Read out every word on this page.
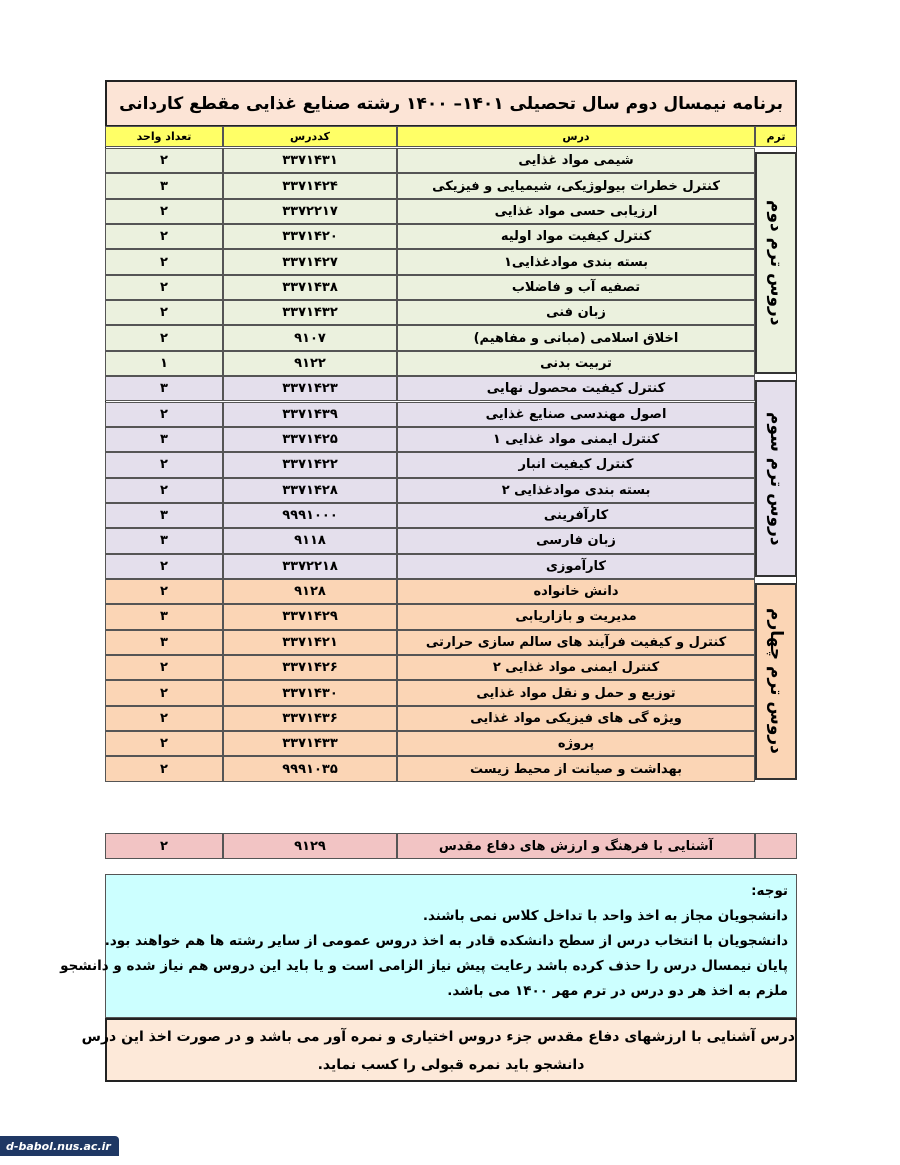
برنامه نیمسال دوم سال تحصیلی ۱۴۰۱– ۱۴۰۰ رشته صنایع غذایی مقطع کاردانی
تعداد واحد	کددرس	درس	ترم
۲	۳۳۷۱۴۳۱	شیمی مواد غذایی
۳	۳۳۷۱۴۲۴	کنترل خطرات بیولوژیکی، شیمیایی و فیزیکی
۲	۳۳۷۲۲۱۷	ارزیابی حسی مواد غذایی
۲	۳۳۷۱۴۲۰	کنترل کیفیت مواد اولیه
۲	۳۳۷۱۴۲۷	بسته بندی موادغذایی۱
۲	۳۳۷۱۴۳۸	تصفیه آب و فاضلاب
۲	۳۳۷۱۴۳۲	زبان فنی
۲	۹۱۰۷	اخلاق اسلامی (مبانی و مفاهیم)
۱	۹۱۲۲	تربیت بدنی
دروس ترم دوم
۳	۳۳۷۱۴۲۳	کنترل کیفیت محصول نهایی
۲	۳۳۷۱۴۳۹	اصول مهندسی صنایع غذایی
۳	۳۳۷۱۴۲۵	کنترل ایمنی مواد غذایی ۱
۲	۳۳۷۱۴۲۲	کنترل کیفیت انبار
۲	۳۳۷۱۴۲۸	بسته بندی موادغذایی ۲
۳	۹۹۹۱۰۰۰	کارآفرینی
۳	۹۱۱۸	زبان فارسی
۲	۳۳۷۲۲۱۸	کارآموزی
دروس ترم سوم
۲	۹۱۲۸	دانش خانواده
۳	۳۳۷۱۴۲۹	مدیریت و بازاریابی
۳	۳۳۷۱۴۲۱	کنترل و کیفیت فرآیند های سالم سازی حرارتی
۲	۳۳۷۱۴۲۶	کنترل ایمنی مواد غذایی ۲
۲	۳۳۷۱۴۳۰	توزیع و حمل و نقل مواد غذایی
۲	۳۳۷۱۴۳۶	ویژه گی های فیزیکی مواد غذایی
۲	۳۳۷۱۴۳۳	پروژه
۲	۹۹۹۱۰۳۵	بهداشت و صیانت از محیط زیست
دروس ترم چهارم
۲	۹۱۲۹	آشنایی با فرهنگ و ارزش های دفاع مقدس
توجه:
دانشجویان مجاز به اخذ واحد با تداخل کلاس نمی باشند.
دانشجویان با انتخاب درس از سطح دانشکده قادر به اخذ دروس عمومی از سایر رشته ها هم خواهند بود.
پایان نیمسال درس را حذف کرده باشد رعایت پیش نیاز الزامی است و یا باید این دروس هم نیاز شده و دانشجو
ملزم به اخذ هر دو درس در ترم مهر ۱۴۰۰ می باشد.
درس آشنایی با ارزشهای دفاع مقدس جزء دروس اختیاری و نمره آور می باشد و در صورت اخذ این درس
دانشجو باید نمره قبولی را کسب نماید.
d-babol.nus.ac.ir
